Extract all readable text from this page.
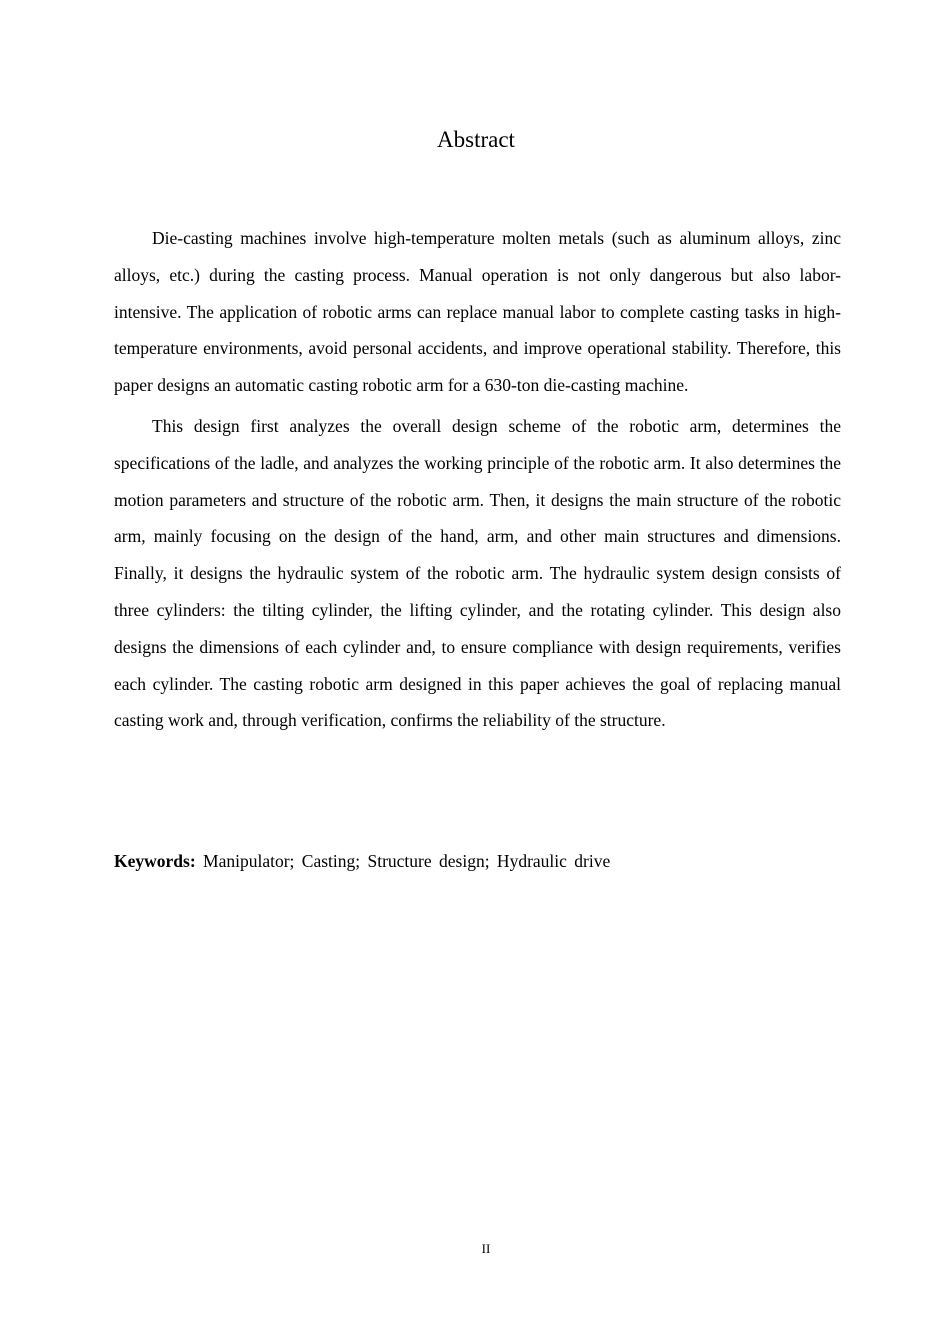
Abstract

Die-casting machines involve high-temperature molten metals (such as aluminum alloys, zinc alloys, etc.) during the casting process. Manual operation is not only dangerous but also labor-intensive. The application of robotic arms can replace manual labor to complete casting tasks in high-temperature environments, avoid personal accidents, and improve operational stability. Therefore, this paper designs an automatic casting robotic arm for a 630-ton die-casting machine.

This design first analyzes the overall design scheme of the robotic arm, determines the specifications of the ladle, and analyzes the working principle of the robotic arm. It also determines the motion parameters and structure of the robotic arm. Then, it designs the main structure of the robotic arm, mainly focusing on the design of the hand, arm, and other main structures and dimensions. Finally, it designs the hydraulic system of the robotic arm. The hydraulic system design consists of three cylinders: the tilting cylinder, the lifting cylinder, and the rotating cylinder. This design also designs the dimensions of each cylinder and, to ensure compliance with design requirements, verifies each cylinder. The casting robotic arm designed in this paper achieves the goal of replacing manual casting work and, through verification, confirms the reliability of the structure.

Keywords: Manipulator; Casting; Structure design; Hydraulic drive

II
